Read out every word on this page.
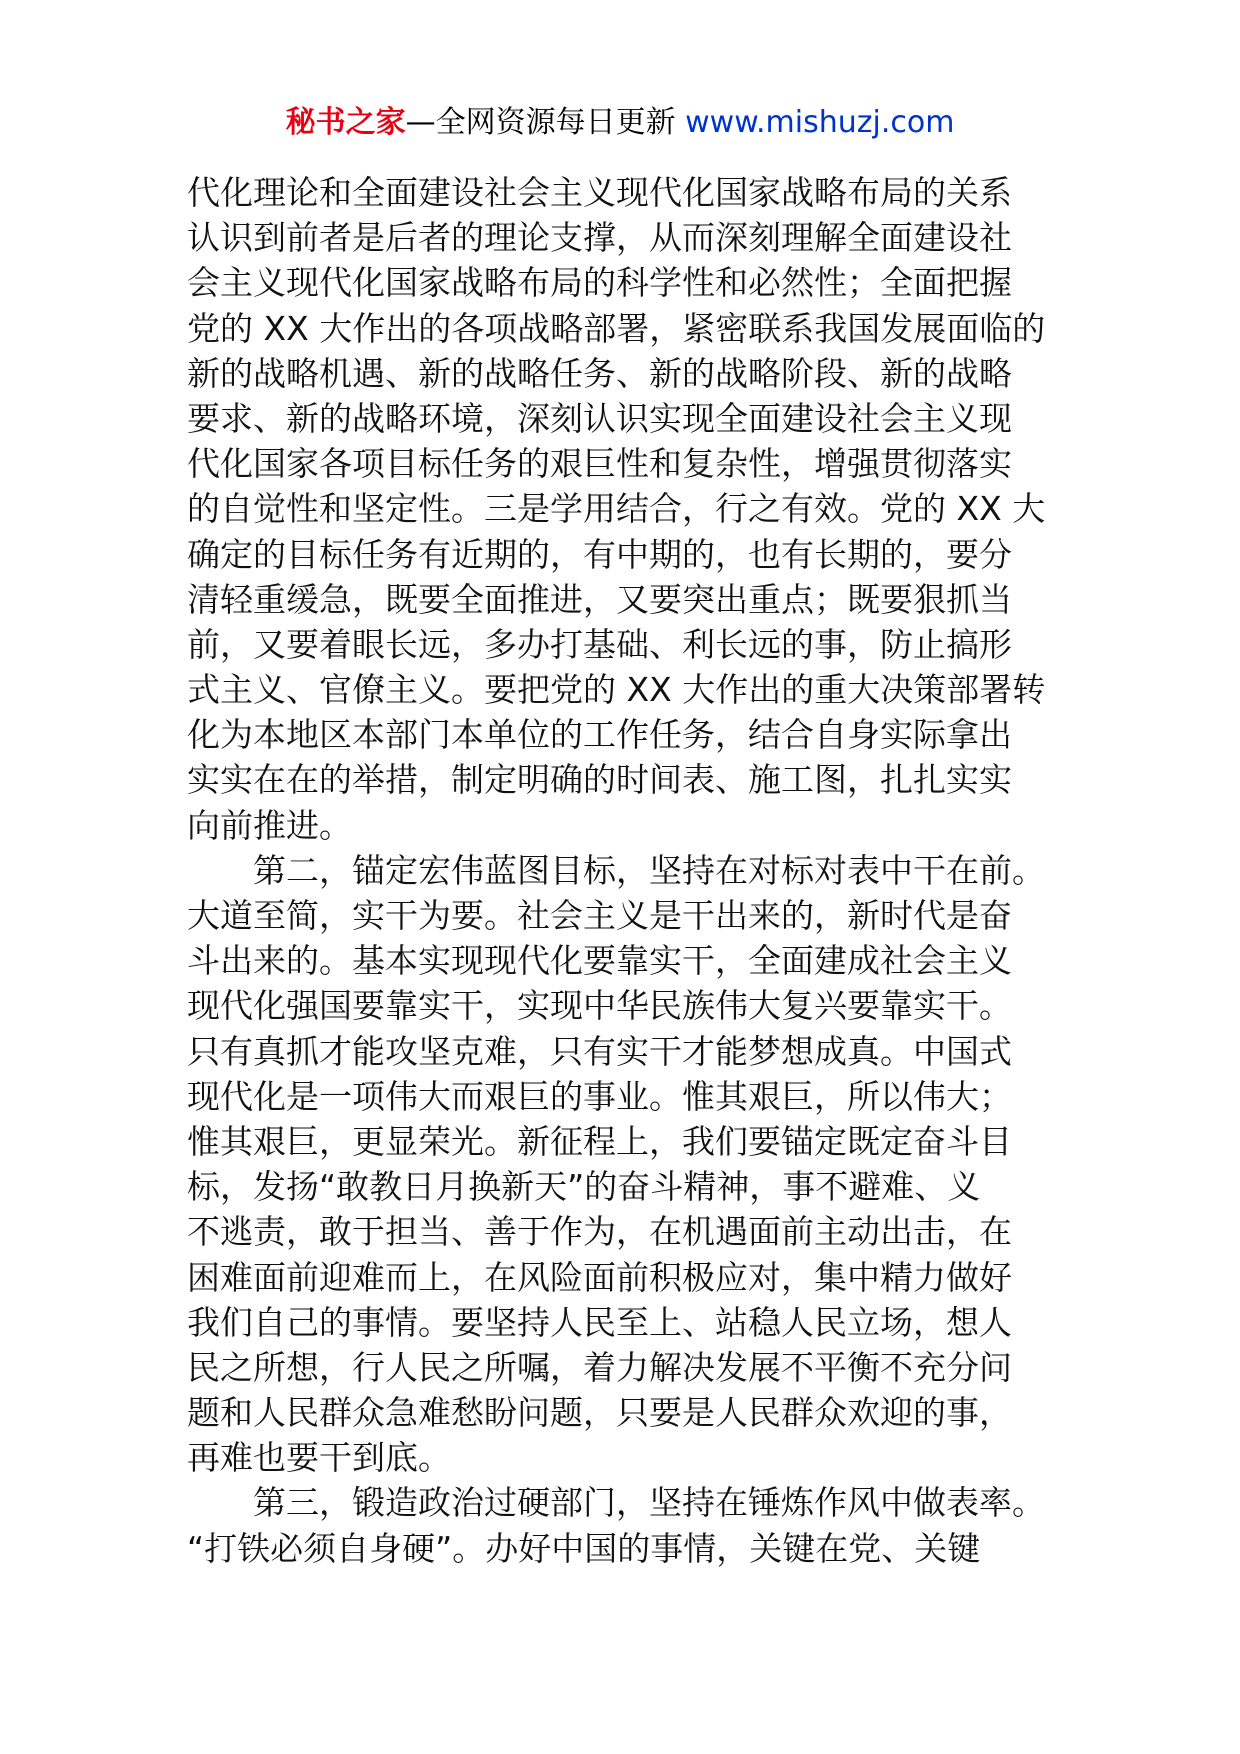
秘书之家—全网资源每日更新 www.mishuzj.com
代化理论和全面建设社会主义现代化国家战略布局的关系
认识到前者是后者的理论支撑，从而深刻理解全面建设社
会主义现代化国家战略布局的科学性和必然性；全面把握
党的 XX 大作出的各项战略部署，紧密联系我国发展面临的
新的战略机遇、新的战略任务、新的战略阶段、新的战略
要求、新的战略环境，深刻认识实现全面建设社会主义现
代化国家各项目标任务的艰巨性和复杂性，增强贯彻落实
的自觉性和坚定性。三是学用结合，行之有效。党的 XX 大
确定的目标任务有近期的，有中期的，也有长期的，要分
清轻重缓急，既要全面推进，又要突出重点；既要狠抓当
前，又要着眼长远，多办打基础、利长远的事，防止搞形
式主义、官僚主义。要把党的 XX 大作出的重大决策部署转
化为本地区本部门本单位的工作任务，结合自身实际拿出
实实在在的举措，制定明确的时间表、施工图，扎扎实实
向前推进。
第二，锚定宏伟蓝图目标，坚持在对标对表中干在前。
大道至简，实干为要。社会主义是干出来的，新时代是奋
斗出来的。基本实现现代化要靠实干，全面建成社会主义
现代化强国要靠实干，实现中华民族伟大复兴要靠实干。
只有真抓才能攻坚克难，只有实干才能梦想成真。中国式
现代化是一项伟大而艰巨的事业。惟其艰巨，所以伟大；
惟其艰巨，更显荣光。新征程上，我们要锚定既定奋斗目
标，发扬“敢教日月换新天”的奋斗精神，事不避难、义
不逃责，敢于担当、善于作为，在机遇面前主动出击，在
困难面前迎难而上，在风险面前积极应对，集中精力做好
我们自己的事情。要坚持人民至上、站稳人民立场，想人
民之所想，行人民之所嘱，着力解决发展不平衡不充分问
题和人民群众急难愁盼问题，只要是人民群众欢迎的事，
再难也要干到底。
第三，锻造政治过硬部门，坚持在锤炼作风中做表率。
“打铁必须自身硬”。办好中国的事情，关键在党、关键
